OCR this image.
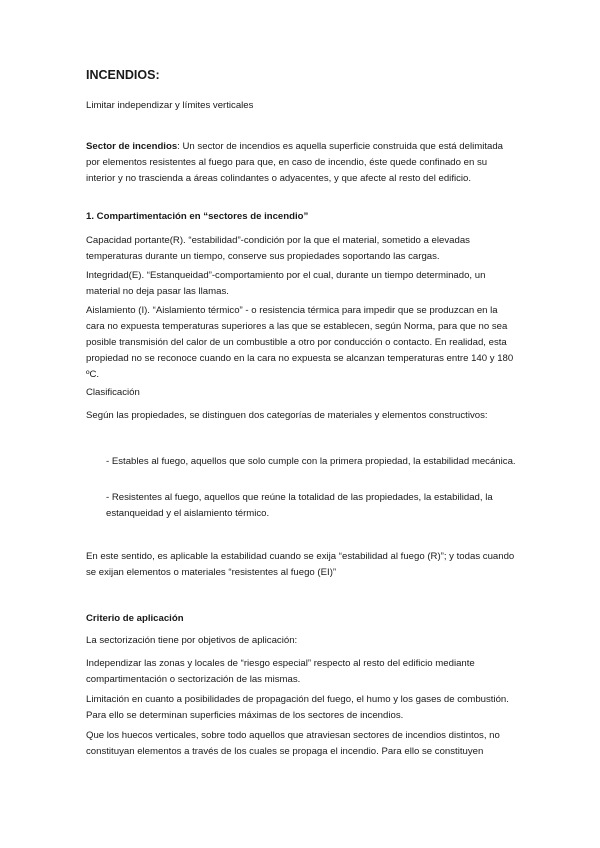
INCENDIOS:

Limitar independizar y límites verticales

Sector de incendios: Un sector de incendios es aquella superficie construida que está delimitada por elementos resistentes al fuego para que, en caso de incendio, éste quede confinado en su interior y no trascienda a áreas colindantes o adyacentes, y que afecte al resto del edificio.

1. Compartimentación en “sectores de incendio”

Capacidad portante(R). “estabilidad”-condición por la que el material, sometido a elevadas temperaturas durante un tiempo, conserve sus propiedades soportando las cargas.

Integridad(E). “Estanqueidad”-comportamiento por el cual, durante un tiempo determinado, un material no deja pasar las llamas.

Aislamiento (I). “Aislamiento térmico” - o resistencia térmica para impedir que se produzcan en la cara no expuesta temperaturas superiores a las que se establecen, según Norma, para que no sea posible transmisión del calor de un combustible a otro por conducción o contacto. En realidad, esta propiedad no se reconoce cuando en la cara no expuesta se alcanzan temperaturas entre 140 y 180 ºC.

Clasificación

Según las propiedades, se distinguen dos categorías de materiales y elementos constructivos:

- Estables al fuego, aquellos que solo cumple con la primera propiedad, la estabilidad mecánica.

- Resistentes al fuego, aquellos que reúne la totalidad de las propiedades, la estabilidad, la estanqueidad y el aislamiento térmico.

En este sentido, es aplicable la estabilidad cuando se exija “estabilidad al fuego (R)”; y todas cuando se exijan elementos o materiales “resistentes al fuego (EI)”

Criterio de aplicación

La sectorización tiene por objetivos de aplicación:

Independizar las zonas y locales de “riesgo especial” respecto al resto del edificio mediante compartimentación o sectorización de las mismas.

Limitación en cuanto a posibilidades de propagación del fuego, el humo y los gases de combustión. Para ello se determinan superficies máximas de los sectores de incendios.

Que los huecos verticales, sobre todo aquellos que atraviesan sectores de incendios distintos, no constituyan elementos a través de los cuales se propaga el incendio. Para ello se constituyen
